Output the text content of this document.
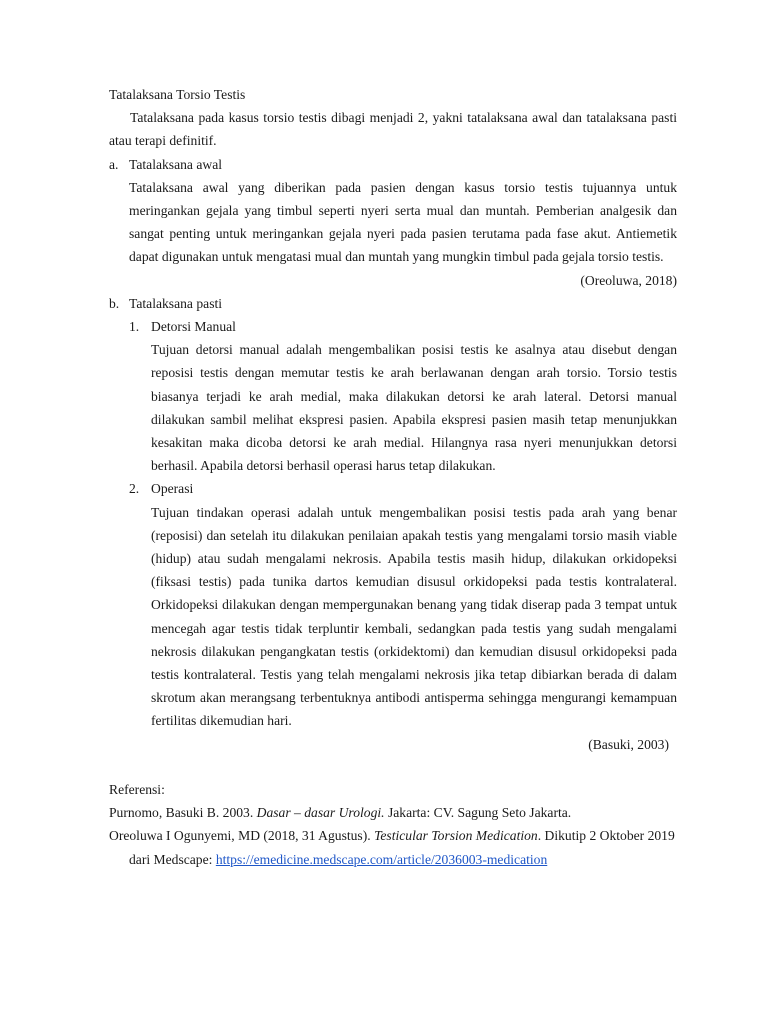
Tatalaksana Torsio Testis

Tatalaksana pada kasus torsio testis dibagi menjadi 2, yakni tatalaksana awal dan tatalaksana pasti atau terapi definitif.

a. Tatalaksana awal

Tatalaksana awal yang diberikan pada pasien dengan kasus torsio testis tujuannya untuk meringankan gejala yang timbul seperti nyeri serta mual dan muntah. Pemberian analgesik dan sangat penting untuk meringankan gejala nyeri pada pasien terutama pada fase akut. Antiemetik dapat digunakan untuk mengatasi mual dan muntah yang mungkin timbul pada gejala torsio testis.

(Oreoluwa, 2018)

b. Tatalaksana pasti
1. Detorsi Manual

Tujuan detorsi manual adalah mengembalikan posisi testis ke asalnya atau disebut dengan reposisi testis dengan memutar testis ke arah berlawanan dengan arah torsio. Torsio testis biasanya terjadi ke arah medial, maka dilakukan detorsi ke arah lateral. Detorsi manual dilakukan sambil melihat ekspresi pasien. Apabila ekspresi pasien masih tetap menunjukkan kesakitan maka dicoba detorsi ke arah medial. Hilangnya rasa nyeri menunjukkan detorsi berhasil. Apabila detorsi berhasil operasi harus tetap dilakukan.

2. Operasi

Tujuan tindakan operasi adalah untuk mengembalikan posisi testis pada arah yang benar (reposisi) dan setelah itu dilakukan penilaian apakah testis yang mengalami torsio masih viable (hidup) atau sudah mengalami nekrosis. Apabila testis masih hidup, dilakukan orkidopeksi (fiksasi testis) pada tunika dartos kemudian disusul orkidopeksi pada testis kontralateral. Orkidopeksi dilakukan dengan mempergunakan benang yang tidak diserap pada 3 tempat untuk mencegah agar testis tidak terpluntir kembali, sedangkan pada testis yang sudah mengalami nekrosis dilakukan pengangkatan testis (orkidektomi) dan kemudian disusul orkidopeksi pada testis kontralateral. Testis yang telah mengalami nekrosis jika tetap dibiarkan berada di dalam skrotum akan merangsang terbentuknya antibodi antisperma sehingga mengurangi kemampuan fertilitas dikemudian hari.

(Basuki, 2003)

Referensi:

Purnomo, Basuki B. 2003. Dasar – dasar Urologi. Jakarta: CV. Sagung Seto Jakarta.

Oreoluwa I Ogunyemi, MD (2018, 31 Agustus). Testicular Torsion Medication. Dikutip 2 Oktober 2019 dari Medscape: https://emedicine.medscape.com/article/2036003-medication
